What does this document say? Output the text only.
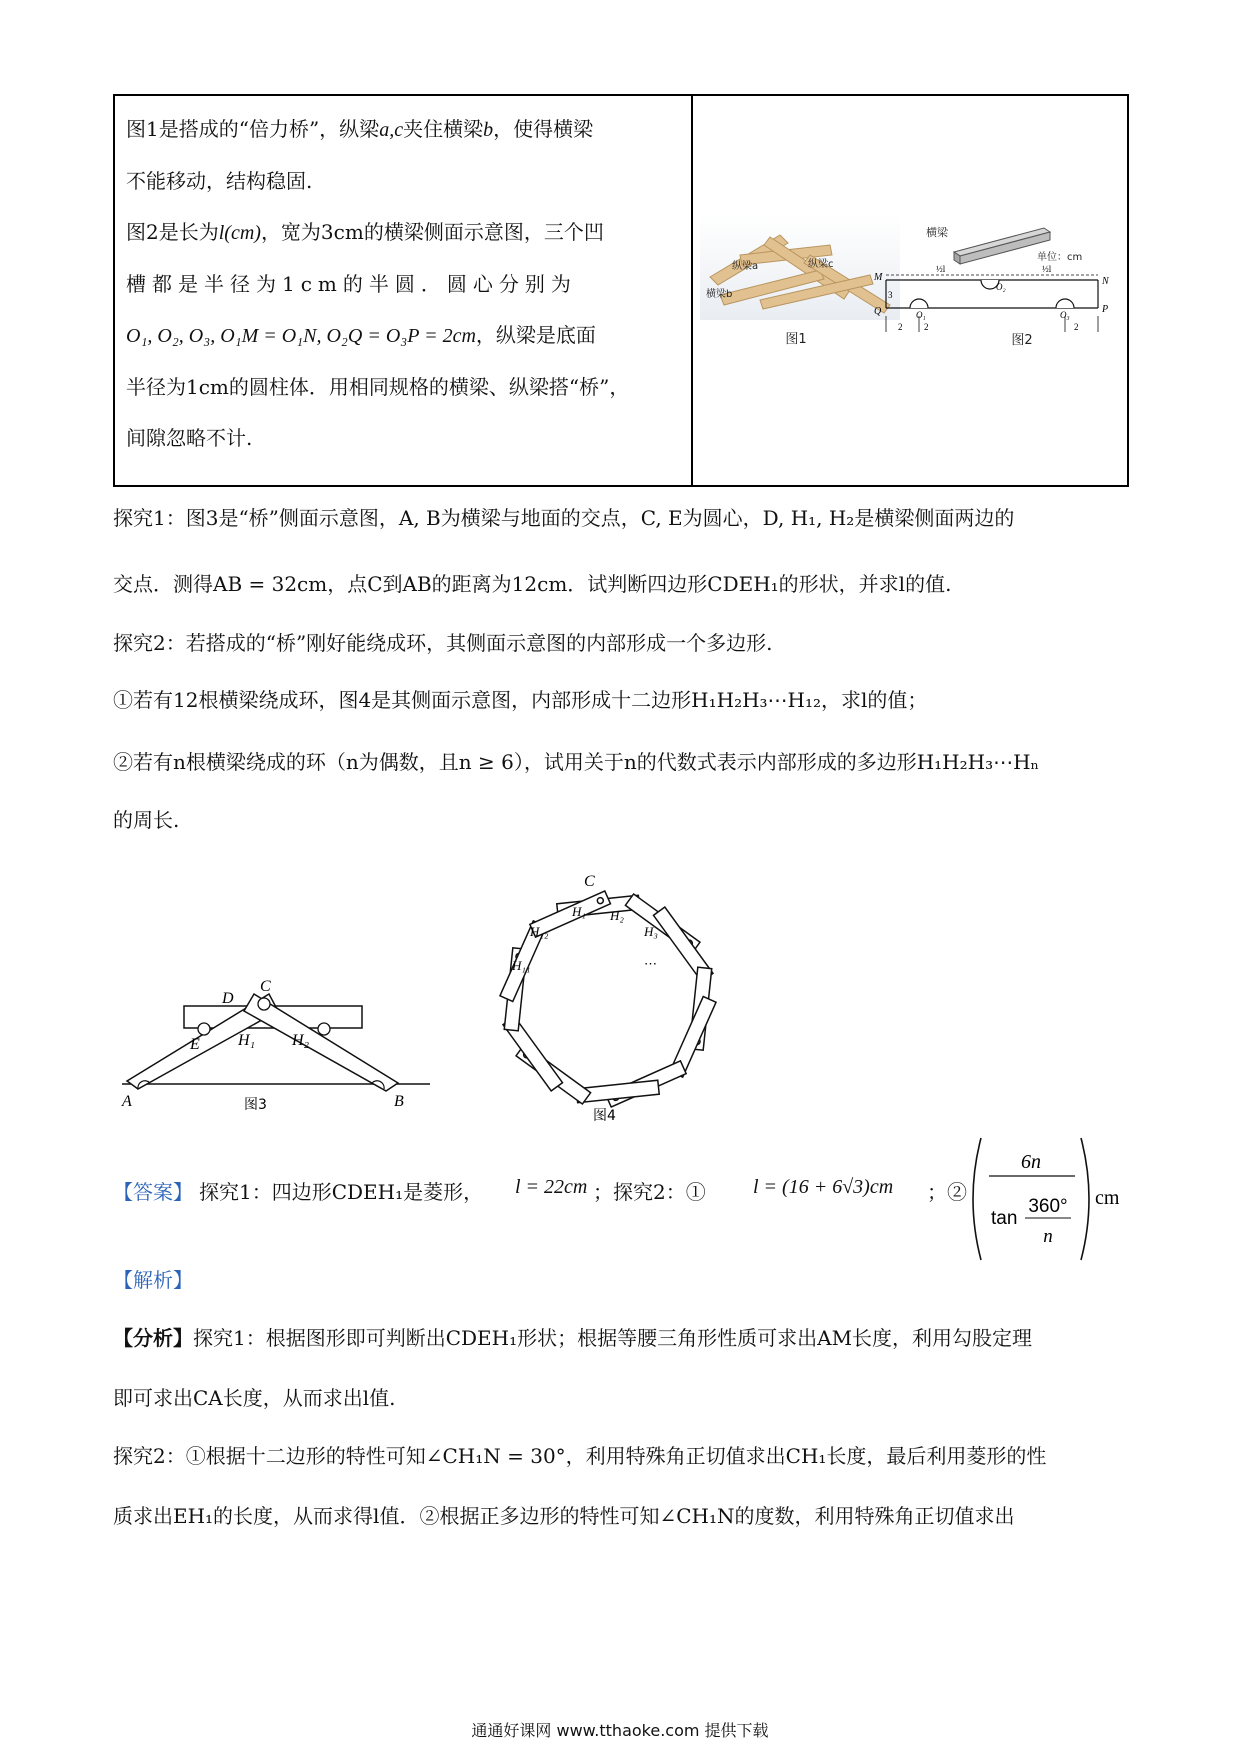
图1是搭成的“倍力桥”，纵梁a,c夹住横梁b，使得横梁

不能移动，结构稳固.

图2是长为l(cm)，宽为3cm的横梁侧面示意图，三个凹

槽都是半径为1cm的半圆．圆心分别为

O₁, O₂, O₃, O₁M = O₁N, O₂Q = O₃P = 2cm，纵梁是底面

半径为1cm的圆柱体．用相同规格的横梁、纵梁搭“桥”，

间隙忽略不计.

纵梁a	纵梁c
横梁b
图1
横梁
单位：cm
M	N
Q	P
O₁
O₂
O₃
½l	½l
3
2	2
2
图2
探究1：图3是“桥”侧面示意图，A, B为横梁与地面的交点，C, E为圆心，D, H₁, H₂是横梁侧面两边的
交点．测得AB = 32cm，点C到AB的距离为12cm．试判断四边形CDEH₁的形状，并求l的值.
探究2：若搭成的“桥”刚好能绕成环，其侧面示意图的内部形成一个多边形.
①若有12根横梁绕成环，图4是其侧面示意图，内部形成十二边形H₁H₂H₃⋯H₁₂，求l的值；
②若有n根横梁绕成的环（n为偶数，且n ≥ 6），试用关于n的代数式表示内部形成的多边形H₁H₂H₃⋯Hₙ
的周长.
A	B
C
D
E H₁ H₂
图3
C
H₁ H₂
H₃
H₁₂
H₁₁	⋯
图4
【答案】 探究1：四边形CDEH₁是菱形， l = 22cm ；探究2：① l = (16 + 6√3)cm ；②
6n
tan
360°
n
cm
【解析】
【分析】探究1：根据图形即可判断出CDEH₁形状；根据等腰三角形性质可求出AM长度，利用勾股定理
即可求出CA长度，从而求出l值.
探究2：①根据十二边形的特性可知∠CH₁N = 30°，利用特殊角正切值求出CH₁长度，最后利用菱形的性
质求出EH₁的长度，从而求得l值．②根据正多边形的特性可知∠CH₁N的度数，利用特殊角正切值求出
通通好课网 www.tthaoke.com 提供下载
